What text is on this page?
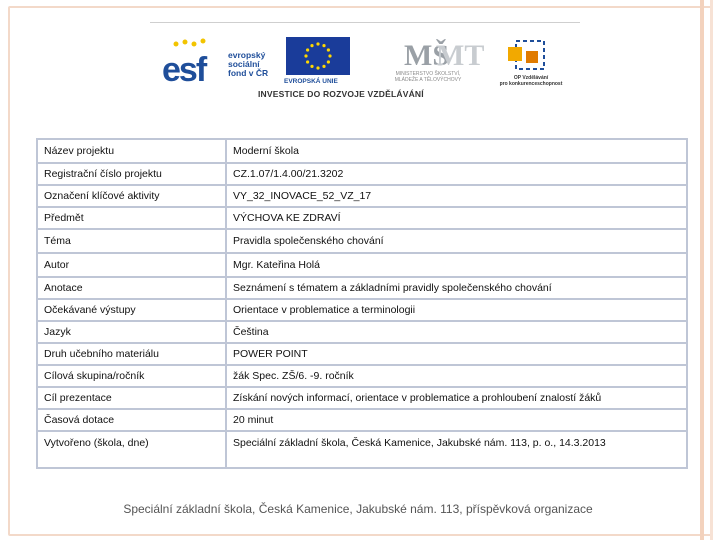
esf	evropský
sociální
fond v ČR
EVROPSKÁ UNIE
MŠ
MT
MINISTERSTVO ŠKOLSTVÍ,
MLÁDEŽE A TĚLOVÝCHOVY	OP Vzdělávání
pro konkurenceschopnost
INVESTICE DO ROZVOJE VZDĚLÁVÁNÍ
Název projektu	Moderní škola
Registrační číslo projektu	CZ.1.07/1.4.00/21.3202
Označení klíčové aktivity	VY_32_INOVACE_52_VZ_17
Předmět	VÝCHOVA KE ZDRAVÍ
Téma	Pravidla společenského chování
Autor	Mgr. Kateřina Holá
Anotace	Seznámení s tématem a základními pravidly společenského chování
Očekávané výstupy	Orientace v problematice a terminologii
Jazyk	Čeština
Druh učebního materiálu	POWER POINT
Cílová skupina/ročník	žák Spec. ZŠ/6. -9. ročník
Cíl prezentace	Získání nových informací, orientace v problematice a prohloubení znalostí žáků
Časová dotace	20 minut
Vytvořeno (škola, dne)	Speciální základní škola, Česká Kamenice, Jakubské nám. 113, p. o., 14.3.2013
Speciální základní škola, Česká Kamenice, Jakubské nám. 113, příspěvková organizace
